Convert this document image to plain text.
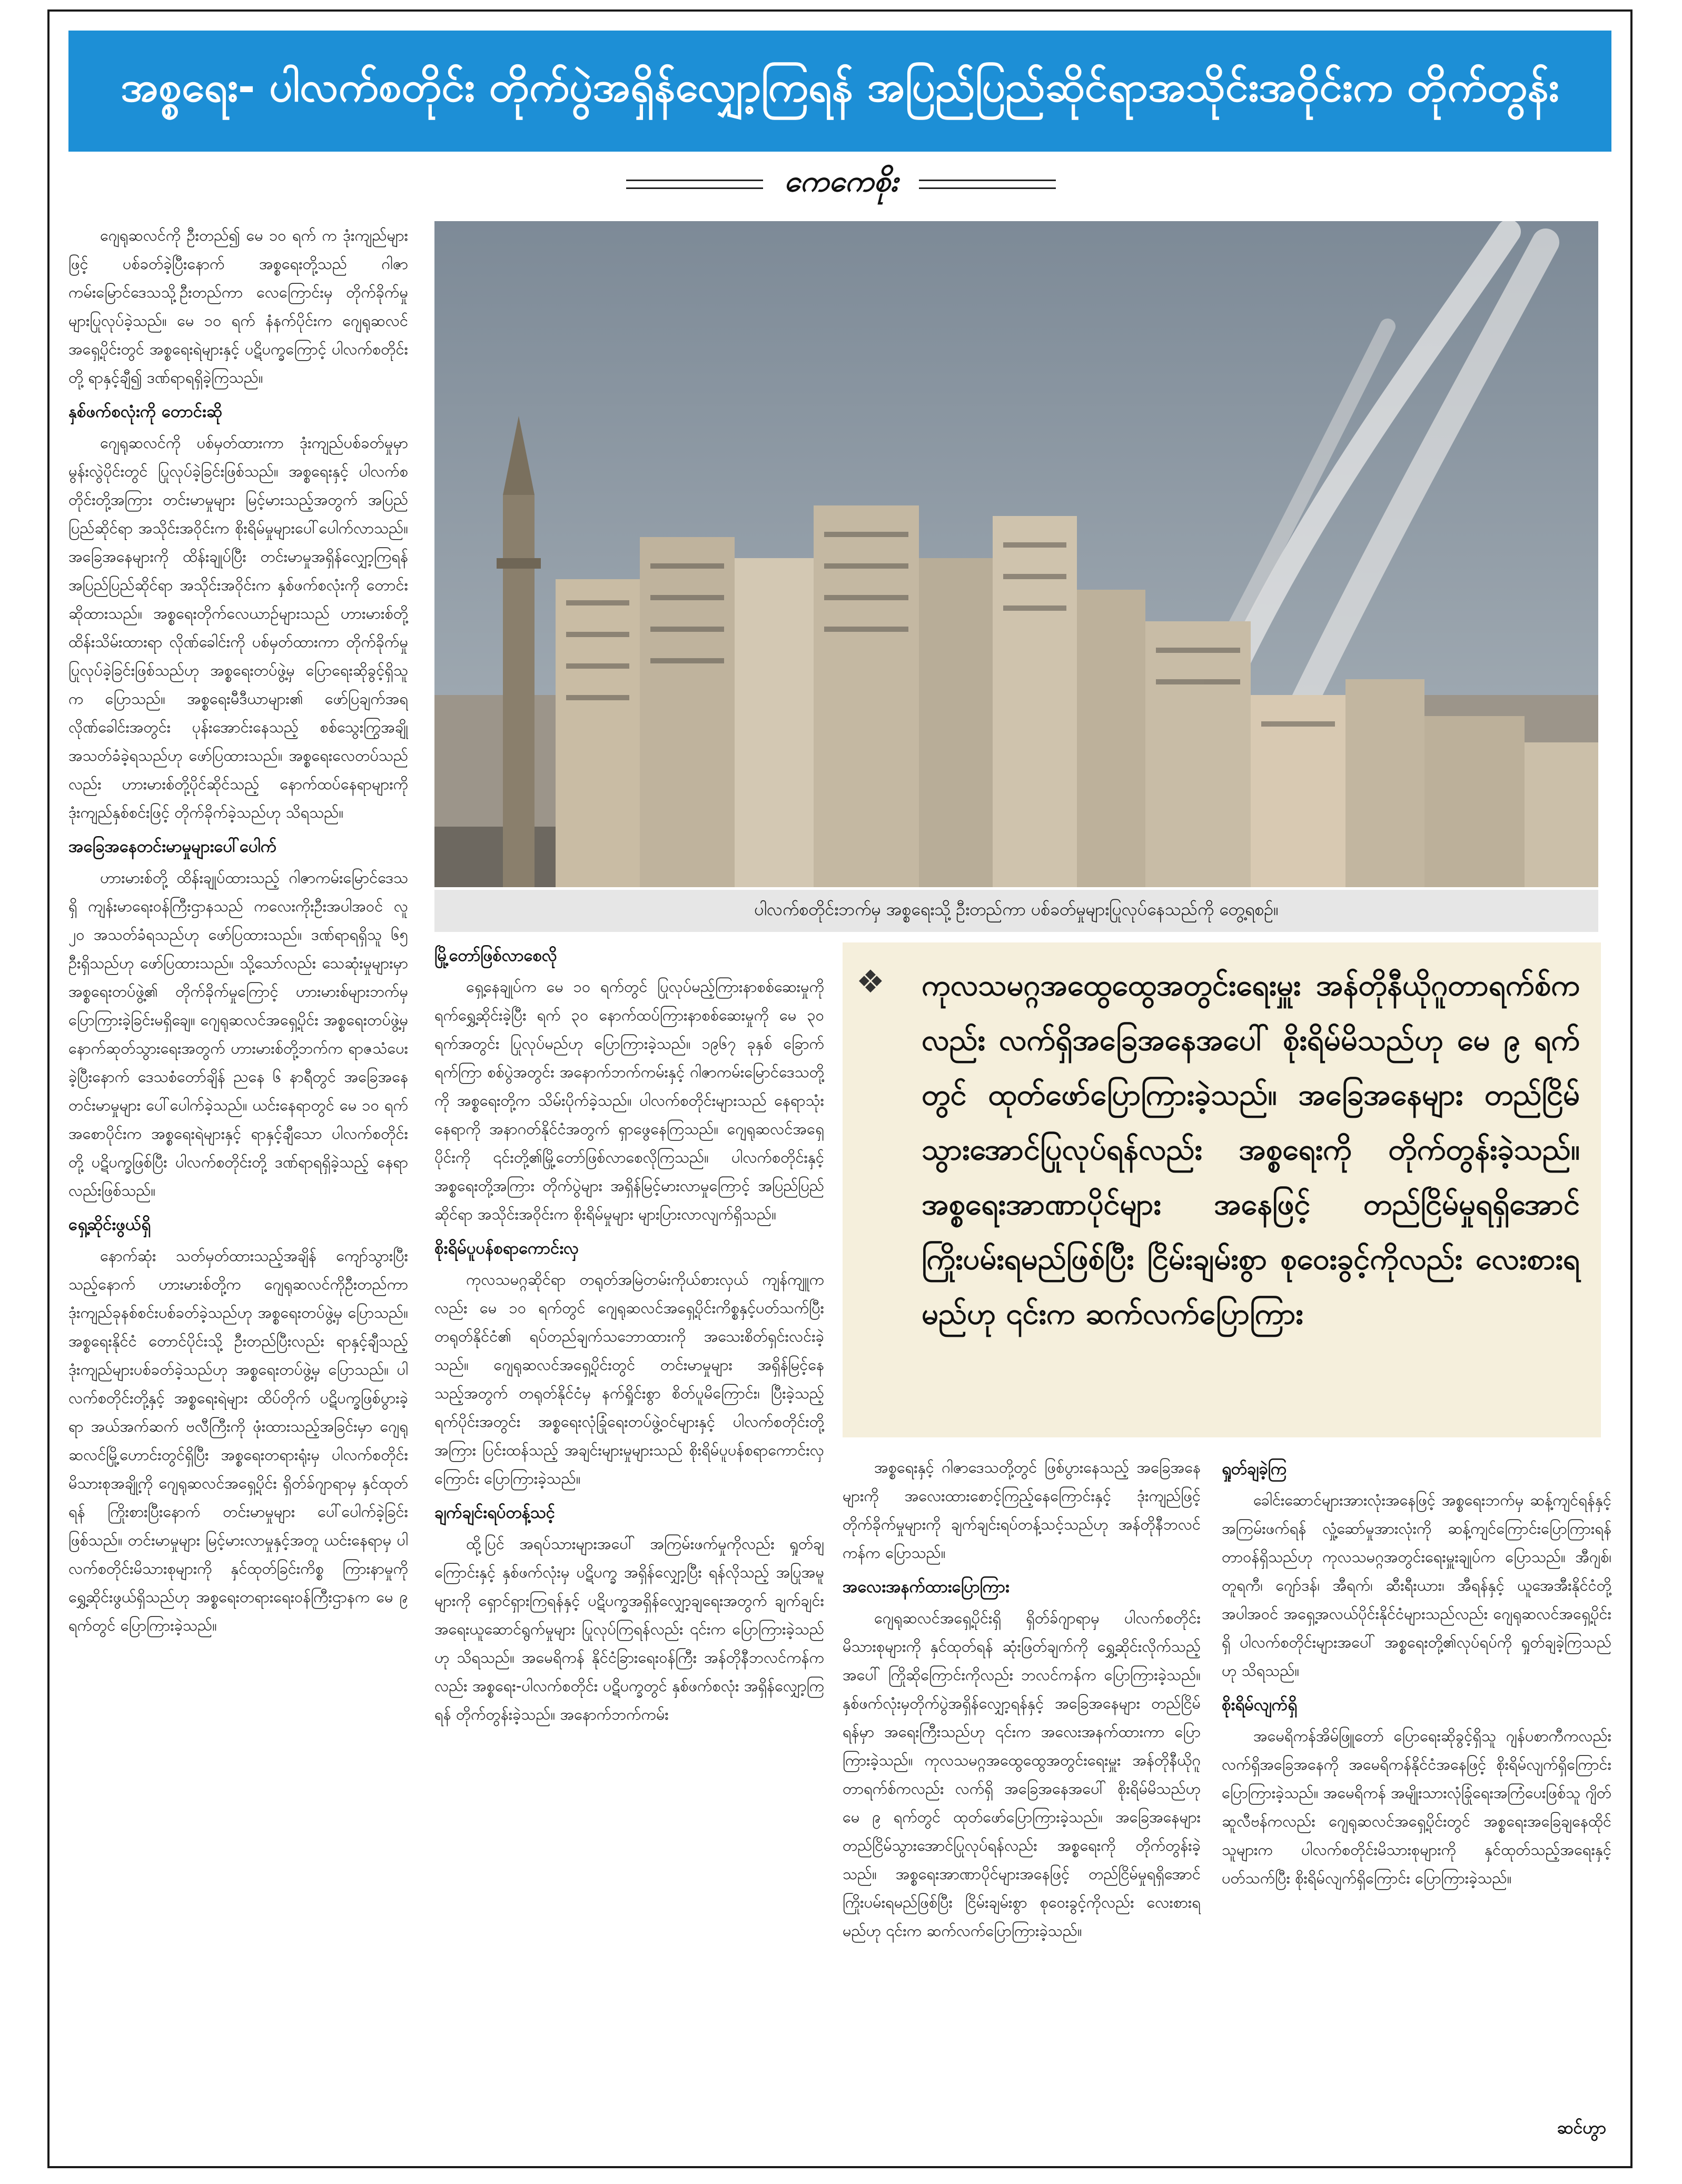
အစ္စရေး- ပါလက်စတိုင်း တိုက်ပွဲအရှိန်လျှော့ကြရန် အပြည်ပြည်ဆိုင်ရာအသိုင်းအဝိုင်းက တိုက်တွန်း
ကေကေစိုး

ဂျေရုဆလင်ကို ဦးတည်၍ မေ ၁၀ ရက် က ဒုံးကျည်များဖြင့် ပစ်ခတ်ခဲ့ပြီးနောက် အစ္စရေးတို့သည် ဂါဇာကမ်းမြောင်ဒေသသို့ဦးတည်ကာ လေကြောင်းမှ တိုက်ခိုက်မှုများပြုလုပ်ခဲ့သည်။ မေ ၁၀ ရက် နံနက်ပိုင်းက ဂျေရုဆလင် အရှေ့ပိုင်းတွင် အစ္စရေးရဲများနှင့် ပဋိပက္ခကြောင့် ပါလက်စတိုင်းတို့ ရာနှင့်ချီ၍ ဒဏ်ရာရရှိခဲ့ကြသည်။

နှစ်ဖက်စလုံးကို တောင်းဆို

ဂျေရုဆလင်ကို ပစ်မှတ်ထားကာ ဒုံးကျည်ပစ်ခတ်မှုမှာ မွန်းလွဲပိုင်းတွင် ပြုလုပ်ခဲ့ခြင်းဖြစ်သည်။ အစ္စရေးနှင့် ပါလက်စတိုင်းတို့အကြား တင်းမာမှုများ မြင့်မားသည့်အတွက် အပြည်ပြည်ဆိုင်ရာ အသိုင်းအဝိုင်းက စိုးရိမ်မှုများပေါ်ပေါက်လာသည်။ အခြေအနေများကို ထိန်းချုပ်ပြီး တင်းမာမှုအရှိန်လျှော့ကြရန် အပြည်ပြည်ဆိုင်ရာ အသိုင်းအဝိုင်းက နှစ်ဖက်စလုံးကို တောင်းဆိုထားသည်။ အစ္စရေးတိုက်လေယာဉ်များသည် ဟားမားစ်တို့ ထိန်းသိမ်းထားရာ လိုဏ်ခေါင်းကို ပစ်မှတ်ထားကာ တိုက်ခိုက်မှုပြုလုပ်ခဲ့ခြင်းဖြစ်သည်ဟု အစ္စရေးတပ်ဖွဲ့မှ ပြောရေးဆိုခွင့်ရှိသူက ပြောသည်။ အစ္စရေးမီဒီယာများ၏ ဖော်ပြချက်အရ လိုဏ်ခေါင်းအတွင်း ပုန်းအောင်းနေသည့် စစ်သွေးကြွအချို့ အသတ်ခံခဲ့ရသည်ဟု ဖော်ပြထားသည်။ အစ္စရေးလေတပ်သည်လည်း ဟားမားစ်တို့ပိုင်ဆိုင်သည့် နောက်ထပ်နေရာများကို ဒုံးကျည်နှစ်စင်းဖြင့် တိုက်ခိုက်ခဲ့သည်ဟု သိရသည်။

အခြေအနေတင်းမာမှုများပေါ်ပေါက်

ဟားမားစ်တို့ ထိန်းချုပ်ထားသည့် ဂါဇာကမ်းမြောင်ဒေသရှိ ကျန်းမာရေးဝန်ကြီးဌာနသည် ကလေးကိုးဦးအပါအဝင် လူ ၂၀ အသတ်ခံရသည်ဟု ဖော်ပြထားသည်။ ဒဏ်ရာရရှိသူ ၆၅ ဦးရှိသည်ဟု ဖော်ပြထားသည်။ သို့သော်လည်း သေဆုံးမှုများမှာ အစ္စရေးတပ်ဖွဲ့၏ တိုက်ခိုက်မှုကြောင့် ဟားမားစ်များဘက်မှ ပြောကြားခဲ့ခြင်းမရှိချေ။ ဂျေရုဆလင်အရှေ့ပိုင်း အစ္စရေးတပ်ဖွဲ့မှ နောက်ဆုတ်သွားရေးအတွက် ဟားမားစ်တို့ဘက်က ရာဇသံပေးခဲ့ပြီးနောက် ဒေသစံတော်ချိန် ညနေ ၆ နာရီတွင် အခြေအနေတင်းမာမှုများ ပေါ်ပေါက်ခဲ့သည်။ ယင်းနေရာတွင် မေ ၁၀ ရက်အစောပိုင်းက အစ္စရေးရဲများနှင့် ရာနှင့်ချီသော ပါလက်စတိုင်းတို့ ပဋိပက္ခဖြစ်ပြီး ပါလက်စတိုင်းတို့ ဒဏ်ရာရရှိခဲ့သည့် နေရာလည်းဖြစ်သည်။

ရှေ့ဆိုင်းဖွယ်ရှိ

နောက်ဆုံး သတ်မှတ်ထားသည့်အချိန် ကျော်သွားပြီးသည့်နောက် ဟားမားစ်တို့က ဂျေရုဆလင်ကိုဦးတည်ကာ ဒုံးကျည်ခုနစ်စင်းပစ်ခတ်ခဲ့သည်ဟု အစ္စရေးတပ်ဖွဲ့မှ ပြောသည်။ အစ္စရေးနိုင်ငံ တောင်ပိုင်းသို့ ဦးတည်ပြီးလည်း ရာနှင့်ချီသည့် ဒုံးကျည်များပစ်ခတ်ခဲ့သည်ဟု အစ္စရေးတပ်ဖွဲ့မှ ပြောသည်။ ပါလက်စတိုင်းတို့နှင့် အစ္စရေးရဲများ ထိပ်တိုက် ပဋိပက္ခဖြစ်ပွားခဲ့ရာ အယ်အက်ဆက် ဗလီကြီးကို ဖုံးထားသည့်အခြင်းမှာ ဂျေရုဆလင်မြို့ဟောင်းတွင်ရှိပြီး အစ္စရေးတရားရုံးမှ ပါလက်စတိုင်းမိသားစုအချို့ကို ဂျေရုဆလင်အရှေ့ပိုင်း ရှိတ်ခ်ဂျာရာမှ နှင်ထုတ်ရန် ကြိုးစားပြီးနောက် တင်းမာမှုများ ပေါ်ပေါက်ခဲ့ခြင်းဖြစ်သည်။ တင်းမာမှုများ မြင့်မားလာမှုနှင့်အတူ ယင်းနေရာမှ ပါလက်စတိုင်းမိသားစုများကို နှင်ထုတ်ခြင်းကိစ္စ ကြားနာမှုကို ရွှေ့ဆိုင်းဖွယ်ရှိသည်ဟု အစ္စရေးတရားရေးဝန်ကြီးဌာနက မေ ၉ ရက်တွင် ပြောကြားခဲ့သည်။

ပါလက်စတိုင်းဘက်မှ အစ္စရေးသို့ ဦးတည်ကာ ပစ်ခတ်မှုများပြုလုပ်နေသည်ကို တွေ့ရစဉ်။
မြို့တော်ဖြစ်လာစေလို

ရှေ့နေချုပ်က မေ ၁၀ ရက်တွင် ပြုလုပ်မည့်ကြားနာစစ်ဆေးမှုကို ရက်ရွှေ့ဆိုင်းခဲ့ပြီး ရက် ၃၀ နောက်ထပ်ကြားနာစစ်ဆေးမှုကို မေ ၃၀ ရက်အတွင်း ပြုလုပ်မည်ဟု ပြောကြားခဲ့သည်။ ၁၉၆၇ ခုနှစ် ခြောက်ရက်ကြာ စစ်ပွဲအတွင်း အနောက်ဘက်ကမ်းနှင့် ဂါဇာကမ်းမြောင်ဒေသတို့ကို အစ္စရေးတို့က သိမ်းပိုက်ခဲ့သည်။ ပါလက်စတိုင်းများသည် နေရာသုံးနေရာကို အနာဂတ်နိုင်ငံအတွက် ရှာဖွေနေကြသည်။ ဂျေရုဆလင်အရှေ့ပိုင်းကို ၎င်းတို့၏မြို့တော်ဖြစ်လာစေလိုကြသည်။ ပါလက်စတိုင်းနှင့် အစ္စရေးတို့အကြား တိုက်ပွဲများ အရှိန်မြင့်မားလာမှုကြောင့် အပြည်ပြည်ဆိုင်ရာ အသိုင်းအဝိုင်းက စိုးရိမ်မှုများ များပြားလာလျက်ရှိသည်။

စိုးရိမ်ပူပန်စရာကောင်းလှ

ကုလသမဂ္ဂဆိုင်ရာ တရုတ်အမြဲတမ်းကိုယ်စားလှယ် ကျန်ကျူကလည်း မေ ၁၀ ရက်တွင် ဂျေရုဆလင်အရှေ့ပိုင်းကိစ္စနှင့်ပတ်သက်ပြီး တရုတ်နိုင်ငံ၏ ရပ်တည်ချက်သဘောထားကို အသေးစိတ်ရှင်းလင်းခဲ့သည်။ ဂျေရုဆလင်အရှေ့ပိုင်းတွင် တင်းမာမှုများ အရှိန်မြင့်နေသည့်အတွက် တရုတ်နိုင်ငံမှ နက်ရှိုင်းစွာ စိတ်ပူမိကြောင်း၊ ပြီးခဲ့သည့် ရက်ပိုင်းအတွင်း အစ္စရေးလုံခြုံရေးတပ်ဖွဲ့ဝင်များနှင့် ပါလက်စတိုင်းတို့အကြား ပြင်းထန်သည့် အချင်းများမှုများသည် စိုးရိမ်ပူပန်စရာကောင်းလှကြောင်း ပြောကြားခဲ့သည်။

ချက်ချင်းရပ်တန့်သင့်

ထို့ပြင် အရပ်သားများအပေါ် အကြမ်းဖက်မှုကိုလည်း ရှုတ်ချကြောင်းနှင့် နှစ်ဖက်လုံးမှ ပဋိပက္ခ အရှိန်လျှော့ပြီး ရန်လိုသည့် အပြုအမူများကို ရှောင်ရှားကြရန်နှင့် ပဋိပက္ခအရှိန်လျှော့ချရေးအတွက် ချက်ချင်းအရေးယူဆောင်ရွက်မှုများ ပြုလုပ်ကြရန်လည်း ၎င်းက ပြောကြားခဲ့သည်ဟု သိရသည်။ အမေရိကန် နိုင်ငံခြားရေးဝန်ကြီး အန်တိုနီဘလင်ကန်ကလည်း အစ္စရေး-ပါလက်စတိုင်း ပဋိပက္ခတွင် နှစ်ဖက်စလုံး အရှိန်လျှော့ကြရန် တိုက်တွန်းခဲ့သည်။ အနောက်ဘက်ကမ်း

❖ ကုလသမဂ္ဂအထွေထွေအတွင်းရေးမှူး အန်တိုနီယိုဂူတာရက်စ်ကလည်း လက်ရှိအခြေအနေအပေါ် စိုးရိမ်မိသည်ဟု မေ ၉ ရက်တွင် ထုတ်ဖော်ပြောကြားခဲ့သည်။ အခြေအနေများ တည်ငြိမ်သွားအောင်ပြုလုပ်ရန်လည်း အစ္စရေးကို တိုက်တွန်းခဲ့သည်။ အစ္စရေးအာဏာပိုင်များ အနေဖြင့် တည်ငြိမ်မှုရရှိအောင် ကြိုးပမ်းရမည်ဖြစ်ပြီး ငြိမ်းချမ်းစွာ စုဝေးခွင့်ကိုလည်း လေးစားရမည်ဟု ၎င်းက ဆက်လက်ပြောကြား

အစ္စရေးနှင့် ဂါဇာဒေသတို့တွင် ဖြစ်ပွားနေသည့် အခြေအနေများကို အလေးထားစောင့်ကြည့်နေကြောင်းနှင့် ဒုံးကျည်ဖြင့် တိုက်ခိုက်မှုများကို ချက်ချင်းရပ်တန့်သင့်သည်ဟု အန်တိုနီဘလင်ကန်က ပြောသည်။

အလေးအနက်ထားပြောကြား

ဂျေရုဆလင်အရှေ့ပိုင်းရှိ ရှိတ်ခ်ဂျာရာမှ ပါလက်စတိုင်းမိသားစုများကို နှင်ထုတ်ရန် ဆုံးဖြတ်ချက်ကို ရွှေ့ဆိုင်းလိုက်သည့်အပေါ် ကြိုဆိုကြောင်းကိုလည်း ဘလင်ကန်က ပြောကြားခဲ့သည်။ နှစ်ဖက်လုံးမှတိုက်ပွဲအရှိန်လျှော့ရန်နှင့် အခြေအနေများ တည်ငြိမ်ရန်မှာ အရေးကြီးသည်ဟု ၎င်းက အလေးအနက်ထားကာ ပြောကြားခဲ့သည်။ ကုလသမဂ္ဂအထွေထွေအတွင်းရေးမှူး အန်တိုနီယိုဂူတာရက်စ်ကလည်း လက်ရှိ အခြေအနေအပေါ် စိုးရိမ်မိသည်ဟု မေ ၉ ရက်တွင် ထုတ်ဖော်ပြောကြားခဲ့သည်။ အခြေအနေများ တည်ငြိမ်သွားအောင်ပြုလုပ်ရန်လည်း အစ္စရေးကို တိုက်တွန်းခဲ့သည်။ အစ္စရေးအာဏာပိုင်များအနေဖြင့် တည်ငြိမ်မှုရရှိအောင် ကြိုးပမ်းရမည်ဖြစ်ပြီး ငြိမ်းချမ်းစွာ စုဝေးခွင့်ကိုလည်း လေးစားရမည်ဟု ၎င်းက ဆက်လက်ပြောကြားခဲ့သည်။

ရှုတ်ချခဲ့ကြ

ခေါင်းဆောင်များအားလုံးအနေဖြင့် အစ္စရေးဘက်မှ ဆန့်ကျင်ရန်နှင့် အကြမ်းဖက်ရန် လှုံ့ဆော်မှုအားလုံးကို ဆန့်ကျင်ကြောင်းပြောကြားရန် တာဝန်ရှိသည်ဟု ကုလသမဂ္ဂအတွင်းရေးမှူးချုပ်က ပြောသည်။ အီဂျစ်၊ တူရကီ၊ ဂျော်ဒန်၊ အီရက်၊ ဆီးရီးယား၊ အီရန်နှင့် ယူအေအီးနိုင်ငံတို့အပါအဝင် အရှေ့အလယ်ပိုင်းနိုင်ငံများသည်လည်း ဂျေရုဆလင်အရှေ့ပိုင်းရှိ ပါလက်စတိုင်းများအပေါ် အစ္စရေးတို့၏လုပ်ရပ်ကို ရှုတ်ချခဲ့ကြသည်ဟု သိရသည်။

စိုးရိမ်လျက်ရှိ

အမေရိကန်အိမ်ဖြူတော် ပြောရေးဆိုခွင့်ရှိသူ ဂျန်ပစာကီကလည်း လက်ရှိအခြေအနေကို အမေရိကန်နိုင်ငံအနေဖြင့် စိုးရိမ်လျက်ရှိကြောင်း ပြောကြားခဲ့သည်။ အမေရိကန် အမျိုးသားလုံခြုံရေးအကြံပေးဖြစ်သူ ဂျိတ်ဆူလီဗန်ကလည်း ဂျေရုဆလင်အရှေ့ပိုင်းတွင် အစ္စရေးအခြေချနေထိုင်သူများက ပါလက်စတိုင်းမိသားစုများကို နှင်ထုတ်သည့်အရေးနှင့်ပတ်သက်ပြီး စိုးရိမ်လျက်ရှိကြောင်း ပြောကြားခဲ့သည်။

ဆင်ဟွာ
